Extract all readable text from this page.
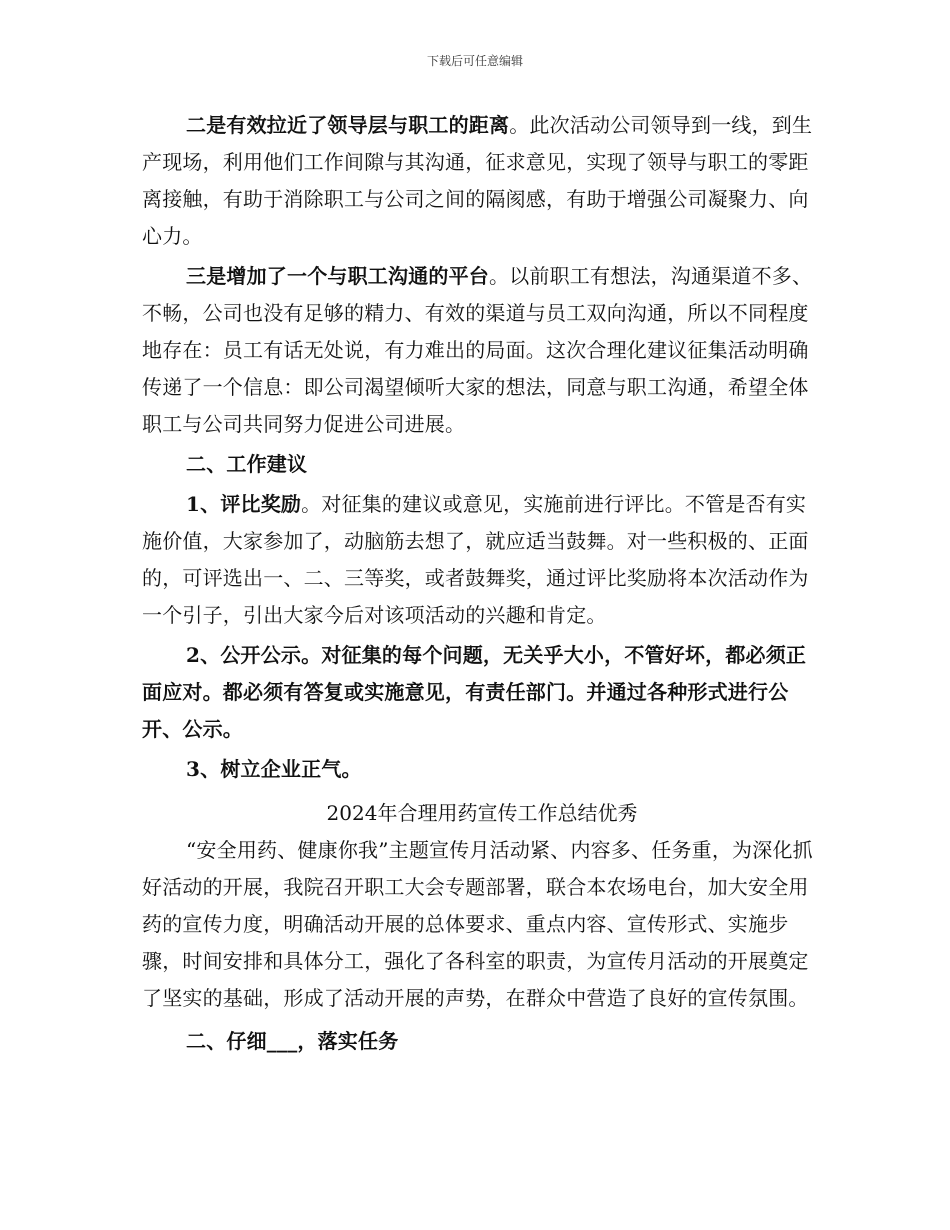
下载后可任意编辑

二是有效拉近了领导层与职工的距离。此次活动公司领导到一线，到生产现场，利用他们工作间隙与其沟通，征求意见，实现了领导与职工的零距离接触，有助于消除职工与公司之间的隔阂感，有助于增强公司凝聚力、向心力。

三是增加了一个与职工沟通的平台。以前职工有想法，沟通渠道不多、不畅，公司也没有足够的精力、有效的渠道与员工双向沟通，所以不同程度地存在：员工有话无处说，有力难出的局面。这次合理化建议征集活动明确传递了一个信息：即公司渴望倾听大家的想法，同意与职工沟通，希望全体职工与公司共同努力促进公司进展。

二、工作建议

1、评比奖励。对征集的建议或意见，实施前进行评比。不管是否有实施价值，大家参加了，动脑筋去想了，就应适当鼓舞。对一些积极的、正面的，可评选出一、二、三等奖，或者鼓舞奖，通过评比奖励将本次活动作为一个引子，引出大家今后对该项活动的兴趣和肯定。

2、公开公示。对征集的每个问题，无关乎大小，不管好坏，都必须正面应对。都必须有答复或实施意见，有责任部门。并通过各种形式进行公开、公示。

3、树立企业正气。

2024年合理用药宣传工作总结优秀

“安全用药、健康你我”主题宣传月活动紧、内容多、任务重，为深化抓好活动的开展，我院召开职工大会专题部署，联合本农场电台，加大安全用药的宣传力度，明确活动开展的总体要求、重点内容、宣传形式、实施步骤，时间安排和具体分工，强化了各科室的职责，为宣传月活动的开展奠定了坚实的基础，形成了活动开展的声势，在群众中营造了良好的宣传氛围。

二、仔细___，落实任务
